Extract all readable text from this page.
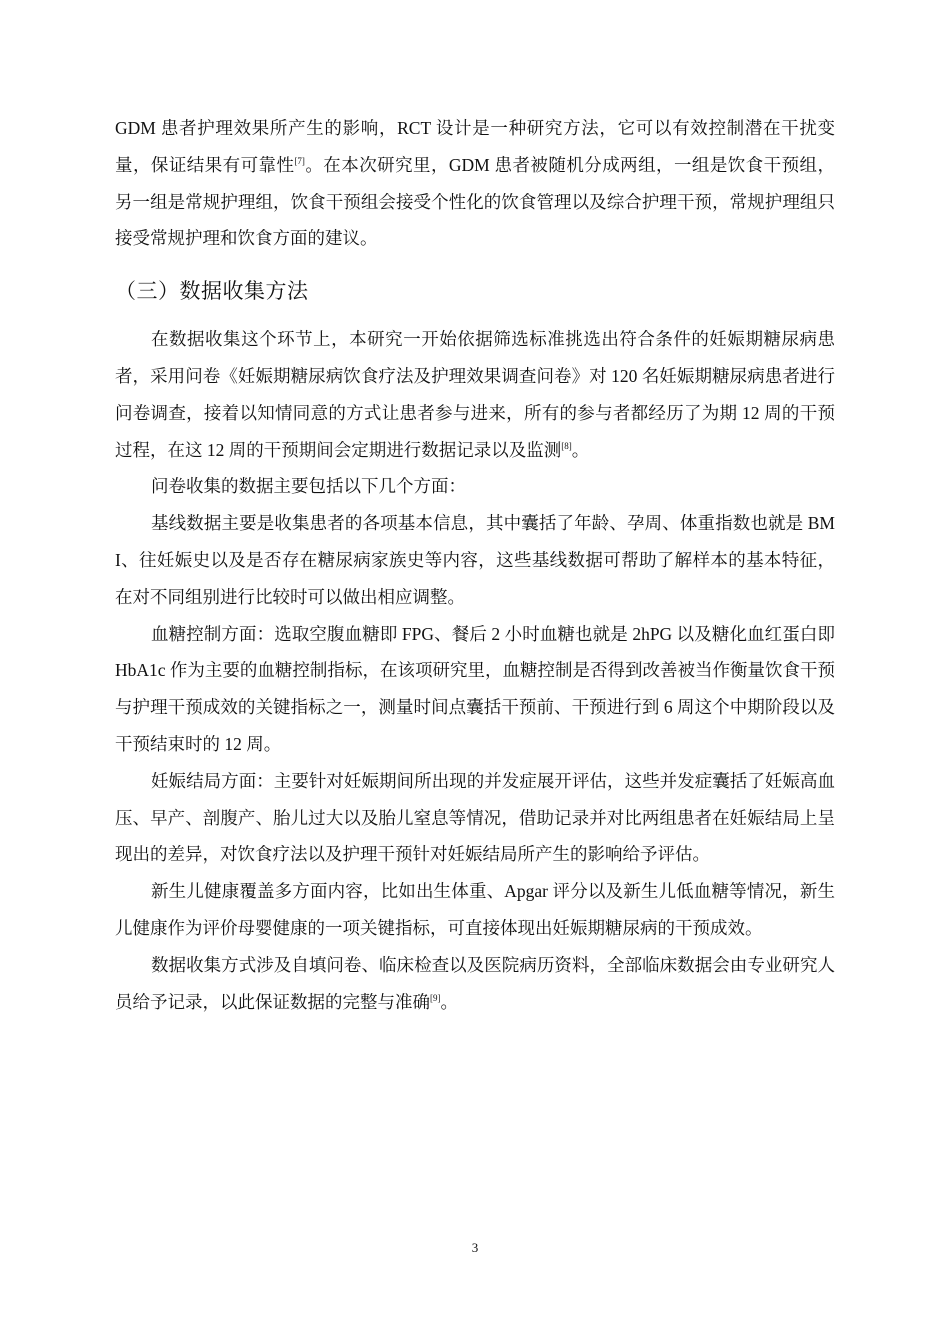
GDM 患者护理效果所产生的影响，RCT 设计是一种研究方法，它可以有效控制潜在干扰变量，保证结果有可靠性[7]。在本次研究里，GDM 患者被随机分成两组，一组是饮食干预组，另一组是常规护理组，饮食干预组会接受个性化的饮食管理以及综合护理干预，常规护理组只接受常规护理和饮食方面的建议。

（三）数据收集方法

在数据收集这个环节上，本研究一开始依据筛选标准挑选出符合条件的妊娠期糖尿病患者，采用问卷《妊娠期糖尿病饮食疗法及护理效果调查问卷》对 120 名妊娠期糖尿病患者进行问卷调查，接着以知情同意的方式让患者参与进来，所有的参与者都经历了为期 12 周的干预过程，在这 12 周的干预期间会定期进行数据记录以及监测[8]。

问卷收集的数据主要包括以下几个方面：

基线数据主要是收集患者的各项基本信息，其中囊括了年龄、孕周、体重指数也就是 BMI、往妊娠史以及是否存在糖尿病家族史等内容，这些基线数据可帮助了解样本的基本特征，在对不同组别进行比较时可以做出相应调整。

血糖控制方面：选取空腹血糖即 FPG、餐后 2 小时血糖也就是 2hPG 以及糖化血红蛋白即 HbA1c 作为主要的血糖控制指标，在该项研究里，血糖控制是否得到改善被当作衡量饮食干预与护理干预成效的关键指标之一，测量时间点囊括干预前、干预进行到 6 周这个中期阶段以及干预结束时的 12 周。

妊娠结局方面：主要针对妊娠期间所出现的并发症展开评估，这些并发症囊括了妊娠高血压、早产、剖腹产、胎儿过大以及胎儿窒息等情况，借助记录并对比两组患者在妊娠结局上呈现出的差异，对饮食疗法以及护理干预针对妊娠结局所产生的影响给予评估。

新生儿健康覆盖多方面内容，比如出生体重、Apgar 评分以及新生儿低血糖等情况，新生儿健康作为评价母婴健康的一项关键指标，可直接体现出妊娠期糖尿病的干预成效。

数据收集方式涉及自填问卷、临床检查以及医院病历资料，全部临床数据会由专业研究人员给予记录，以此保证数据的完整与准确[9]。

3
